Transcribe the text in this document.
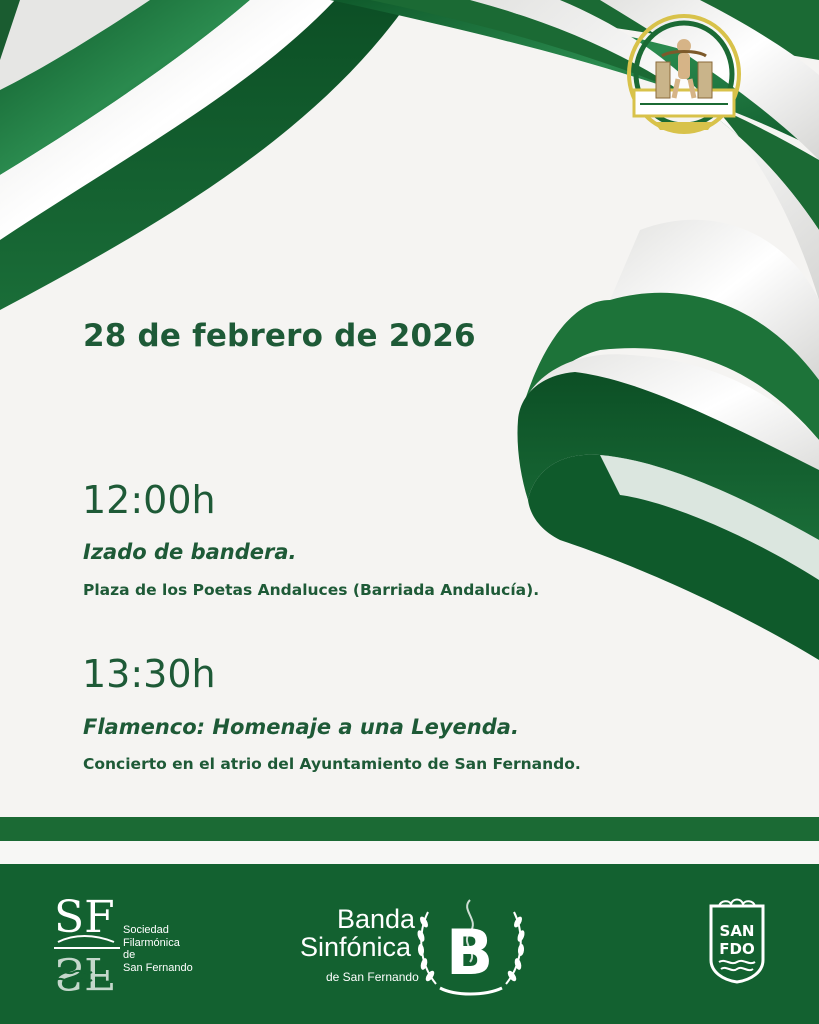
28 de febrero de 2026
12:00h
Izado de bandera.
Plaza de los Poetas Andaluces (Barriada Andalucía).
13:30h
Flamenco: Homenaje a una Leyenda.
Concierto en el atrio del Ayuntamiento de San Fernando.
SF
SF
Sociedad
Filarmónica
de
San Fernando	B
Banda
Sinfónica
de San Fernando
SAN
FDO
